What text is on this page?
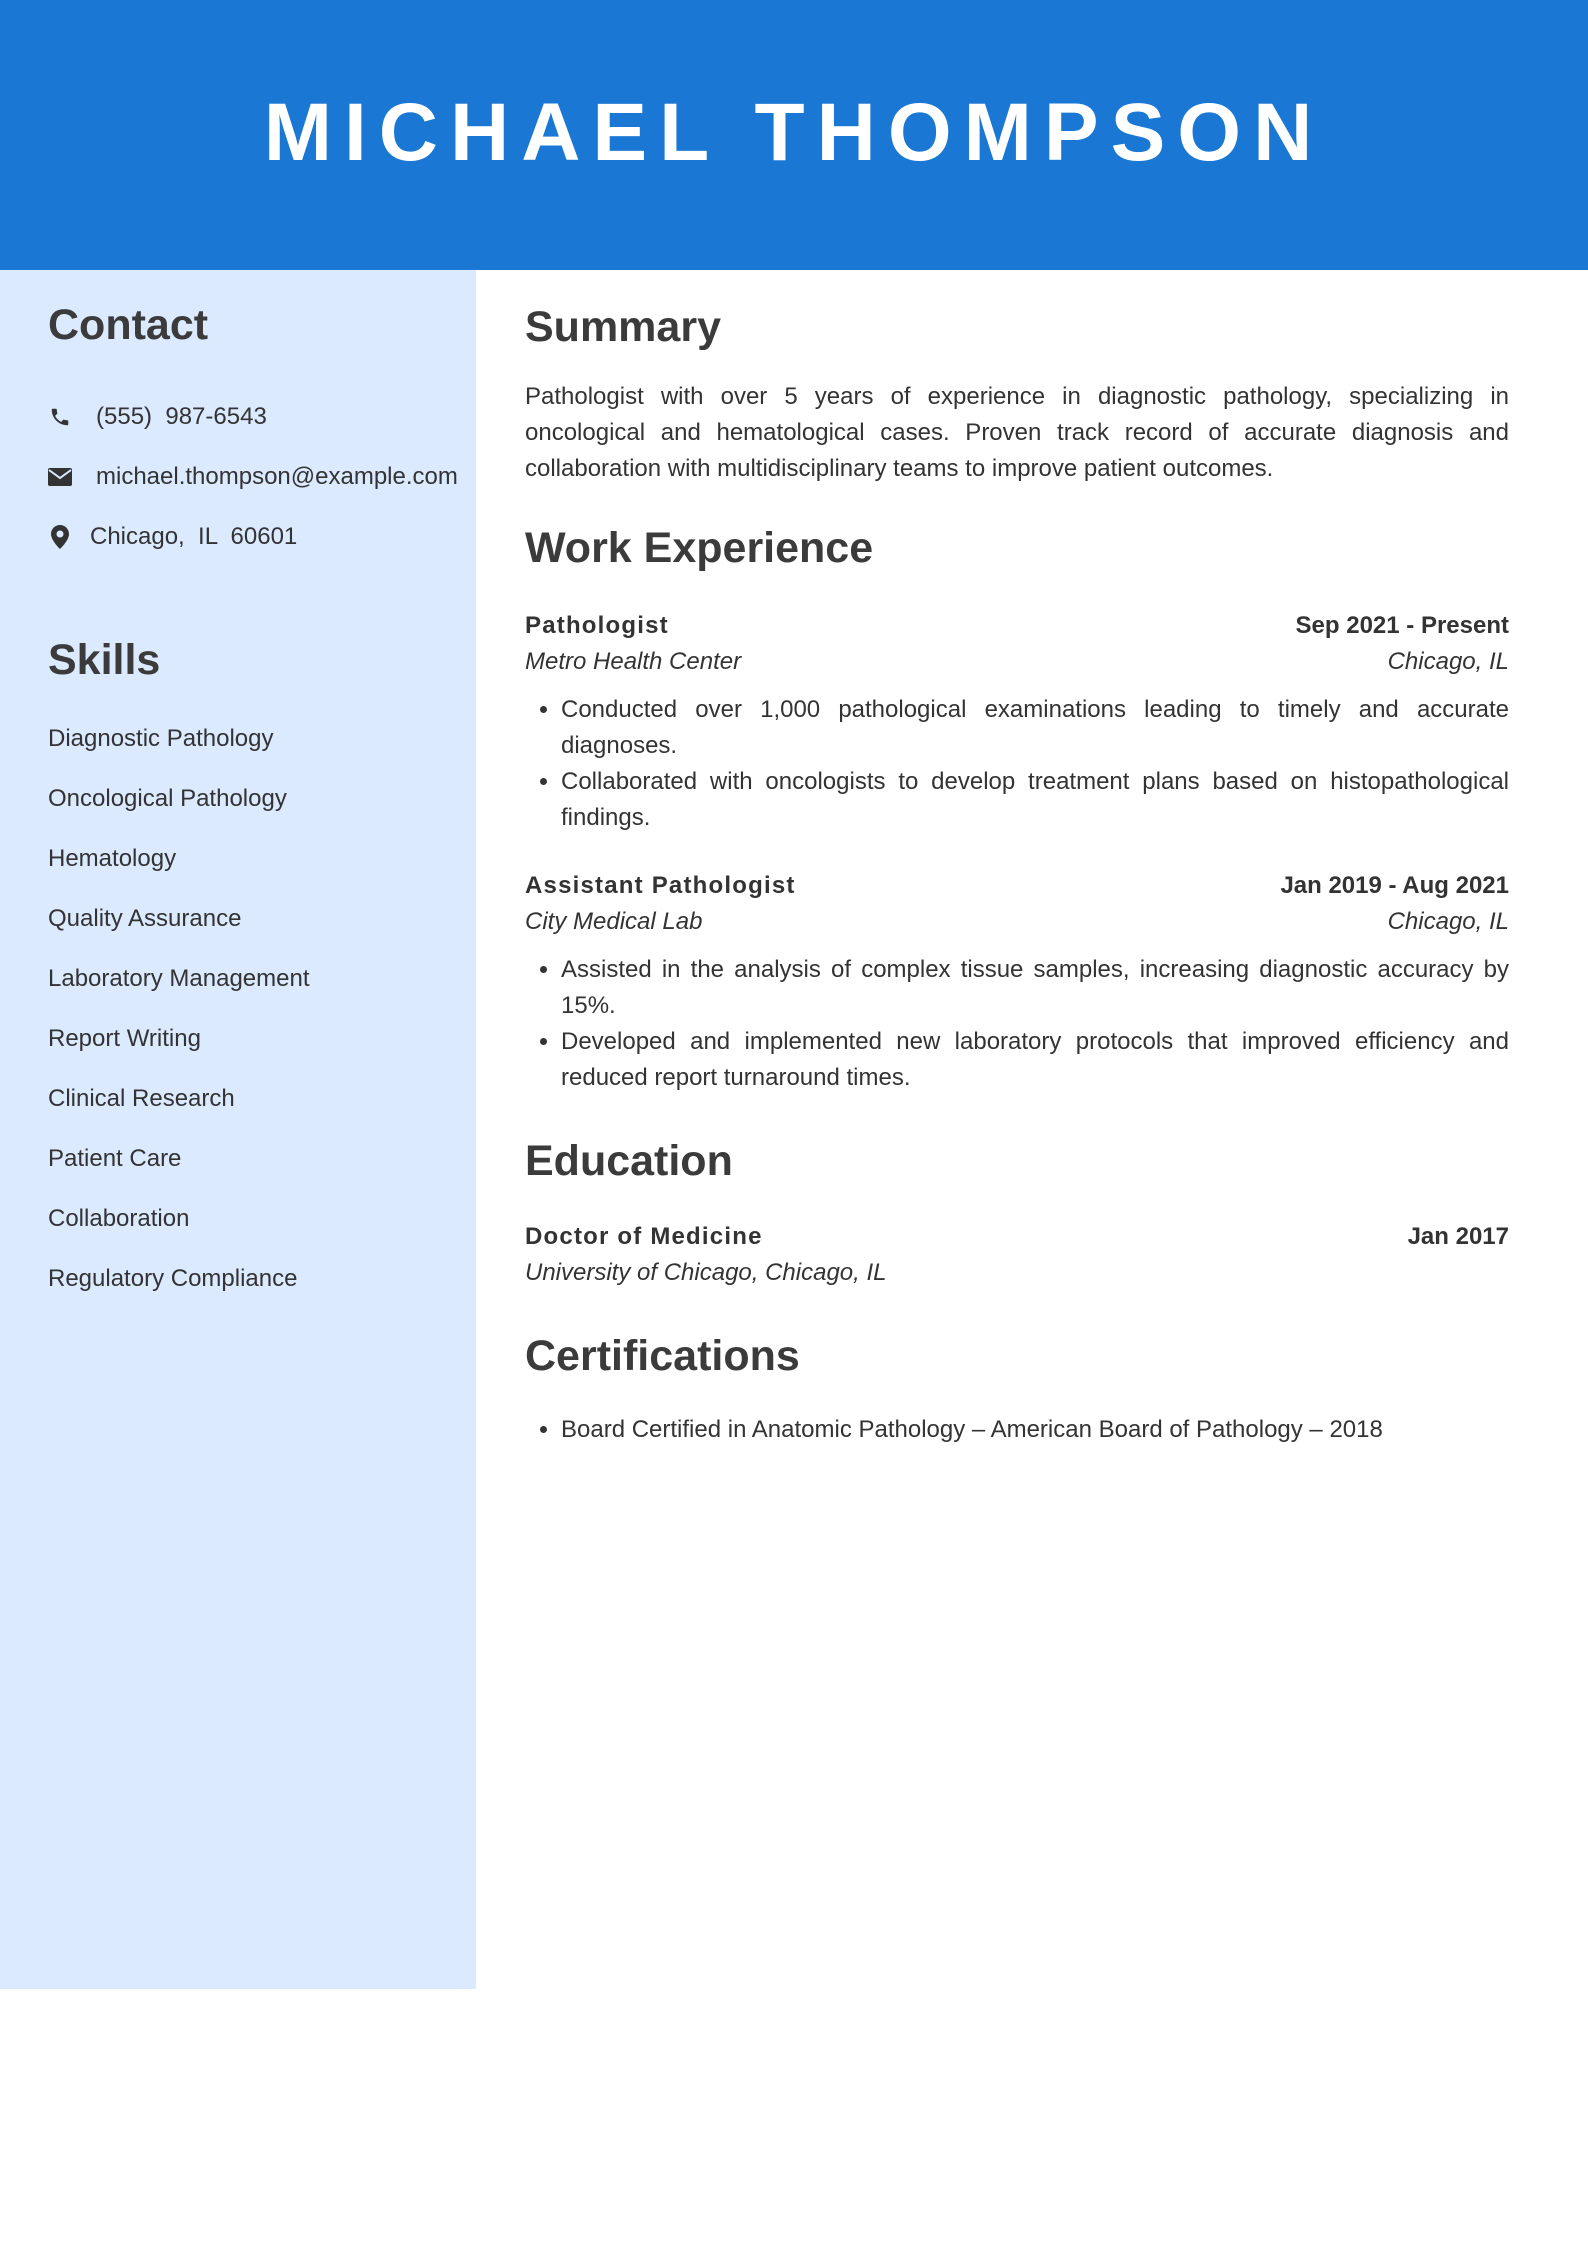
MICHAEL THOMPSON
Contact
(555)  987-6543
michael.thompson@example.com
Chicago,  IL  60601
Skills
Diagnostic Pathology
Oncological Pathology
Hematology
Quality Assurance
Laboratory Management
Report Writing
Clinical Research
Patient Care
Collaboration
Regulatory Compliance
Summary

Pathologist with over 5 years of experience in diagnostic pathology, specializing in oncological and hematological cases. Proven track record of accurate diagnosis and collaboration with multidisciplinary teams to improve patient outcomes.

Work Experience
Pathologist	Sep 2021 - Present
Metro Health Center	Chicago, IL
• Conducted over 1,000 pathological examinations leading to timely and accurate diagnoses.
• Collaborated with oncologists to develop treatment plans based on histopathological findings.
Assistant Pathologist	Jan 2019 - Aug 2021
City Medical Lab	Chicago, IL
• Assisted in the analysis of complex tissue samples, increasing diagnostic accuracy by 15%.
• Developed and implemented new laboratory protocols that improved efficiency and reduced report turnaround times.
Education
Doctor of Medicine	Jan 2017
University of Chicago, Chicago, IL
Certifications
• Board Certified in Anatomic Pathology – American Board of Pathology – 2018
